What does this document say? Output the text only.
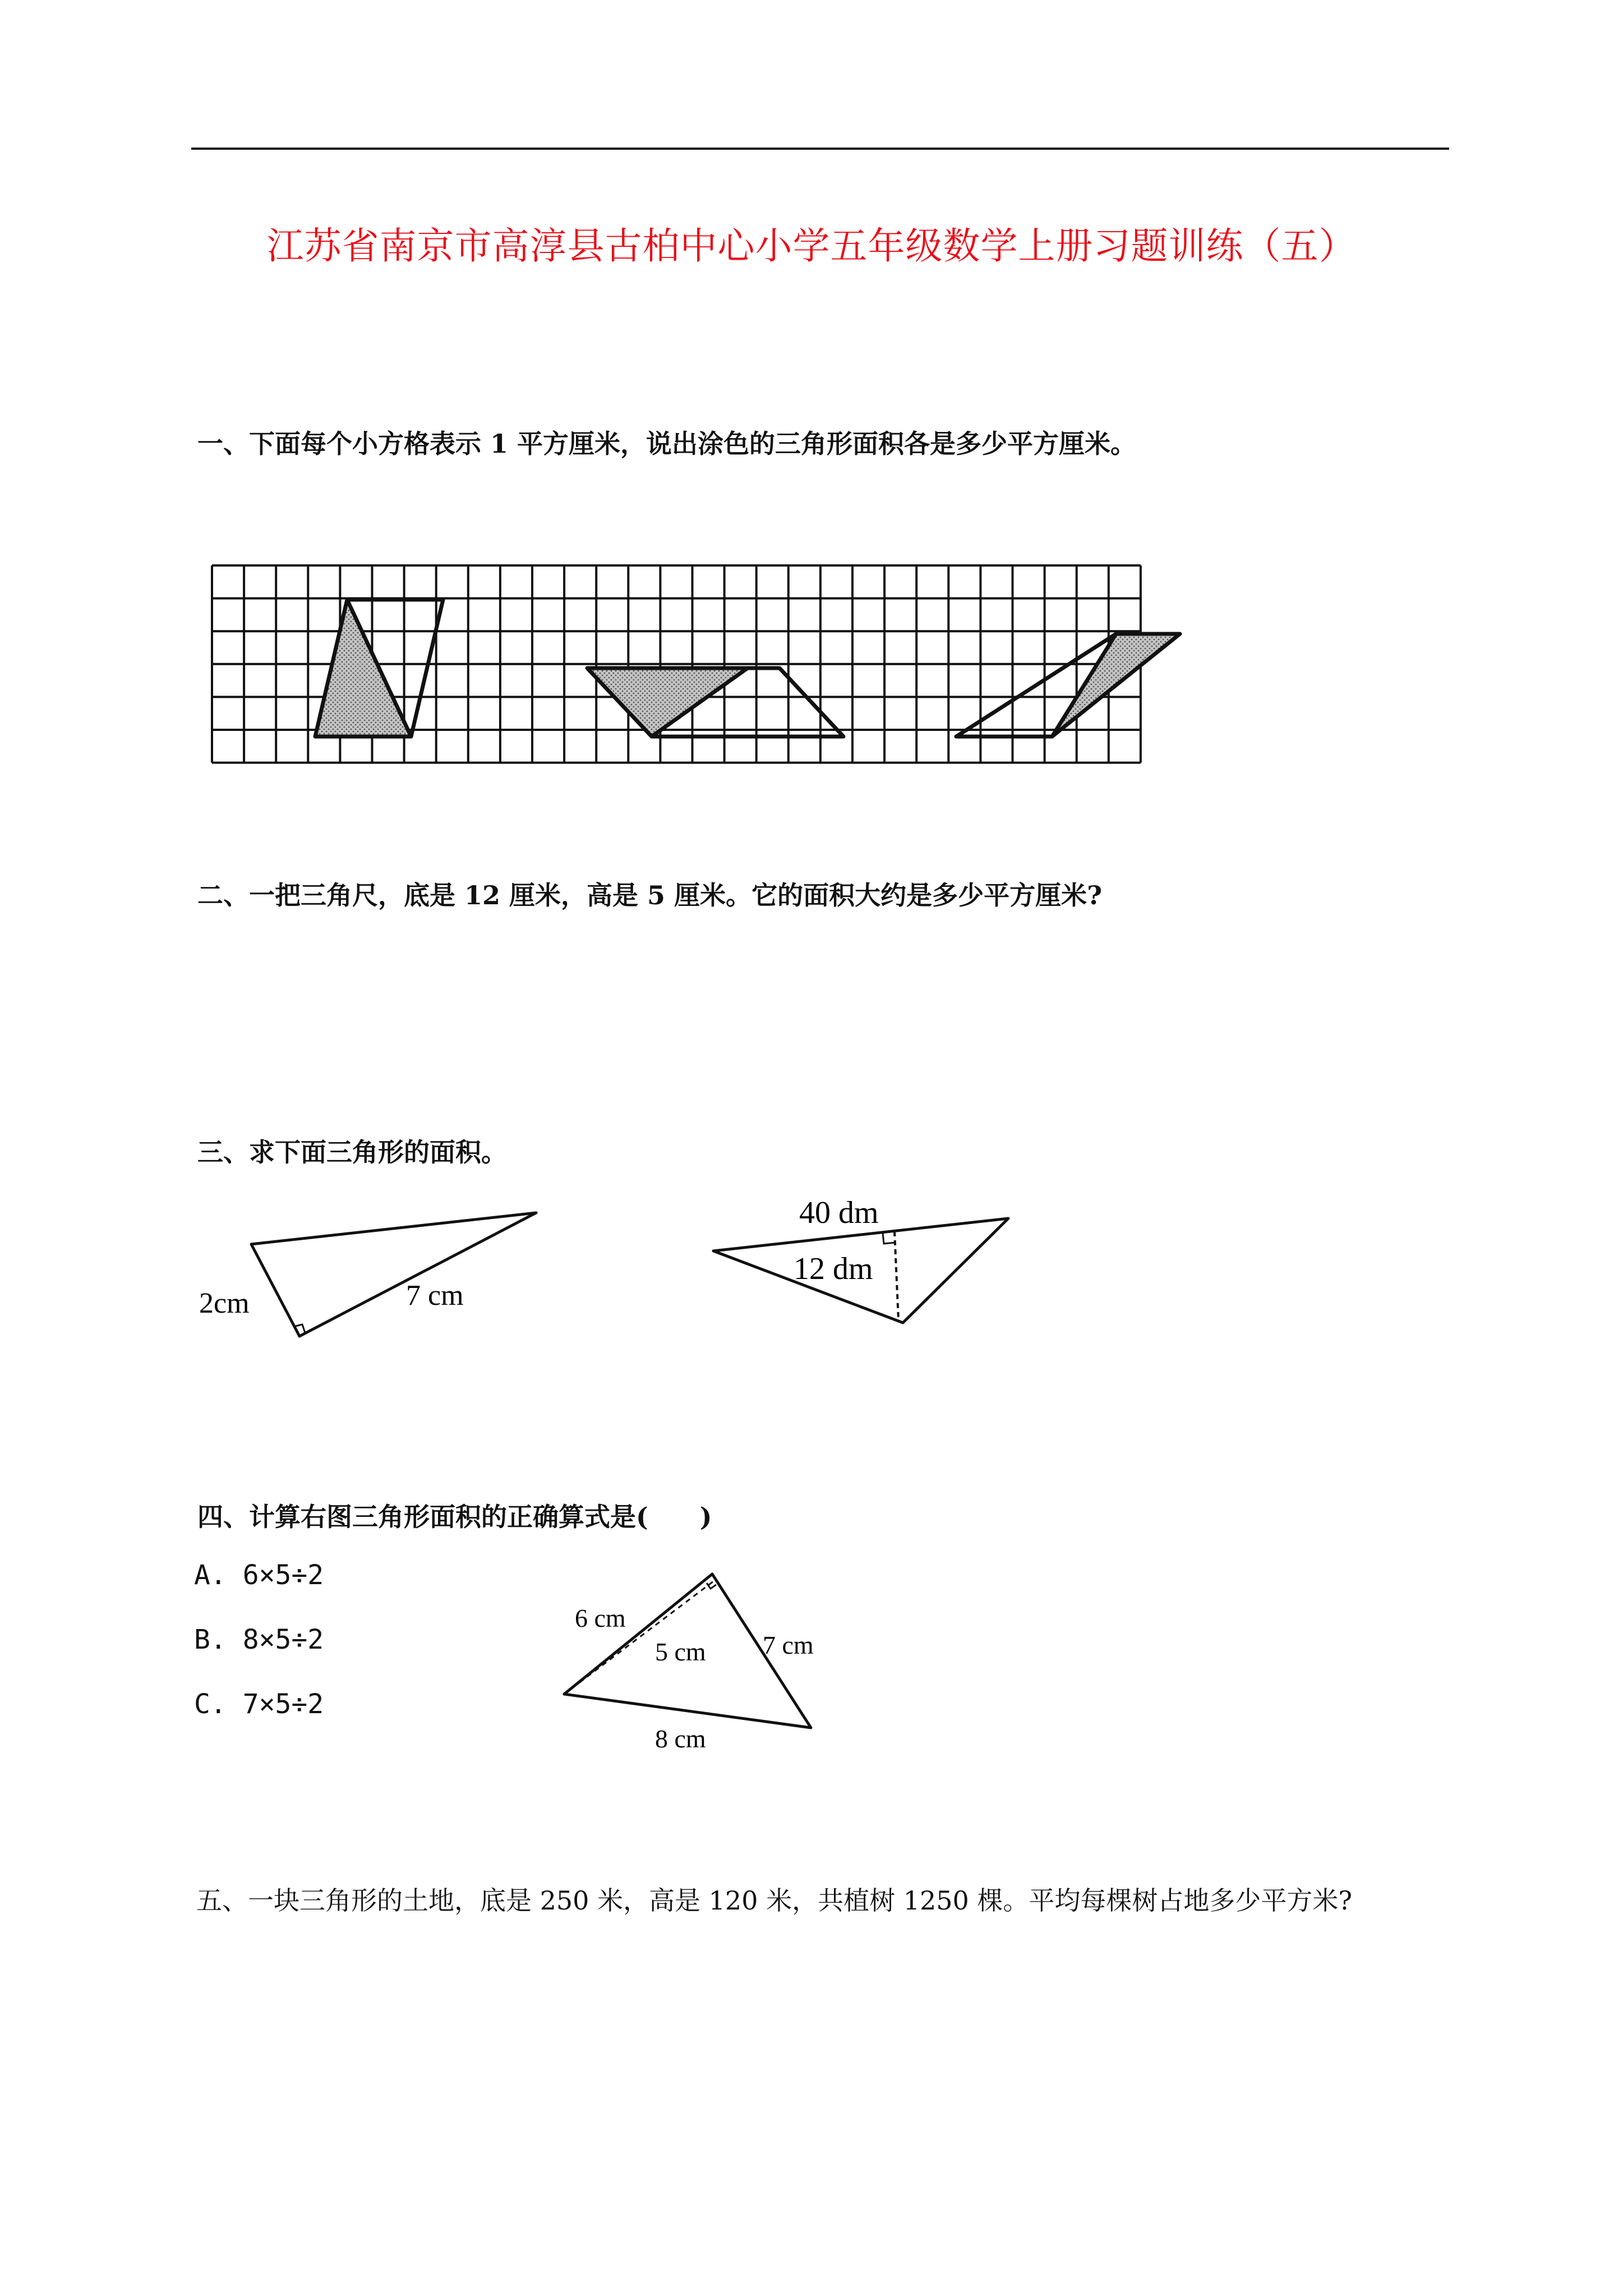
江苏省南京市高淳县古柏中心小学五年级数学上册习题训练（五）
一、下面每个小方格表示 1 平方厘米，说出涂色的三角形面积各是多少平方厘米。
二、一把三角尺，底是 12 厘米，高是 5 厘米。它的面积大约是多少平方厘米?
三、求下面三角形的面积。
2cm	7 cm
40 dm
12 dm
四、计算右图三角形面积的正确算式是(　　)
A. 6×5÷2
B. 8×5÷2
C. 7×5÷2
6 cm
5 cm 7 cm
8 cm
五、一块三角形的土地，底是 250 米，高是 120 米，共植树 1250 棵。平均每棵树占地多少平方米?
